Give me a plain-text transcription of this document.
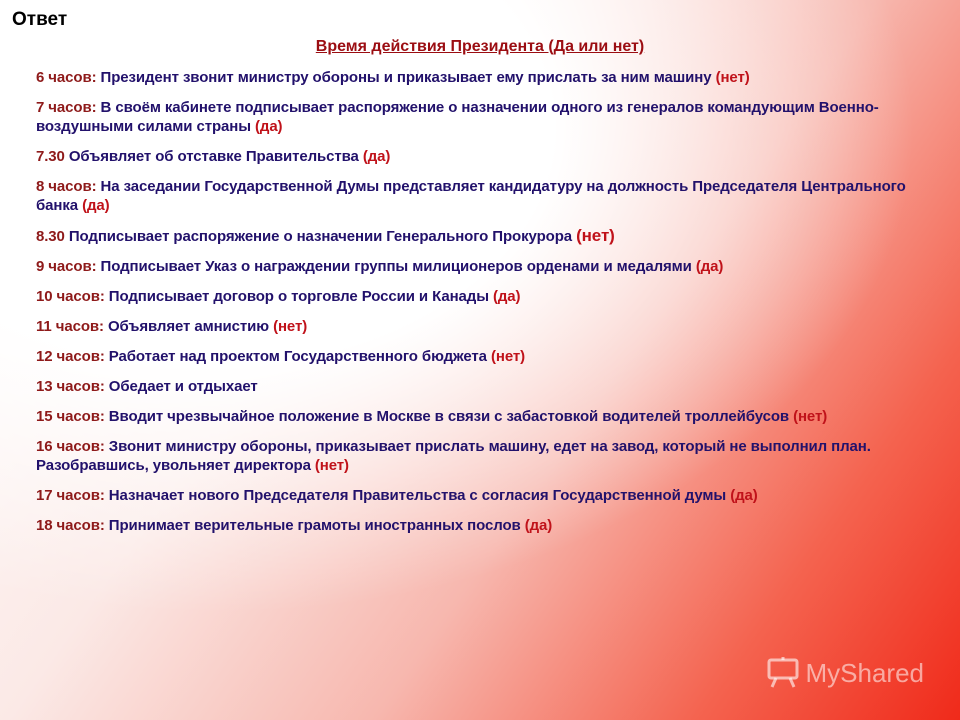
Ответ
Время действия Президента (Да или нет)
6 часов: Президент звонит министру обороны и приказывает ему прислать за ним машину (нет)
7 часов: В своём кабинете подписывает распоряжение о назначении одного из генералов командующим Военно-воздушными силами страны (да)
7.30 Объявляет об отставке Правительства (да)
8 часов: На заседании Государственной Думы представляет кандидатуру на должность Председателя Центрального банка (да)
8.30 Подписывает распоряжение о назначении Генерального Прокурора (нет)
9 часов: Подписывает Указ о награждении группы милиционеров орденами и медалями (да)
10 часов: Подписывает договор о торговле России и Канады (да)
11 часов: Объявляет амнистию (нет)
12 часов: Работает над проектом Государственного бюджета (нет)
13 часов: Обедает и отдыхает
15 часов: Вводит чрезвычайное положение в Москве в связи с забастовкой водителей троллейбусов (нет)
16 часов: Звонит министру обороны, приказывает прислать машину, едет на завод, который не выполнил план. Разобравшись, увольняет директора (нет)
17 часов: Назначает нового Председателя Правительства с согласия Государственной думы (да)
18 часов: Принимает верительные грамоты иностранных послов (да)
MyShared
